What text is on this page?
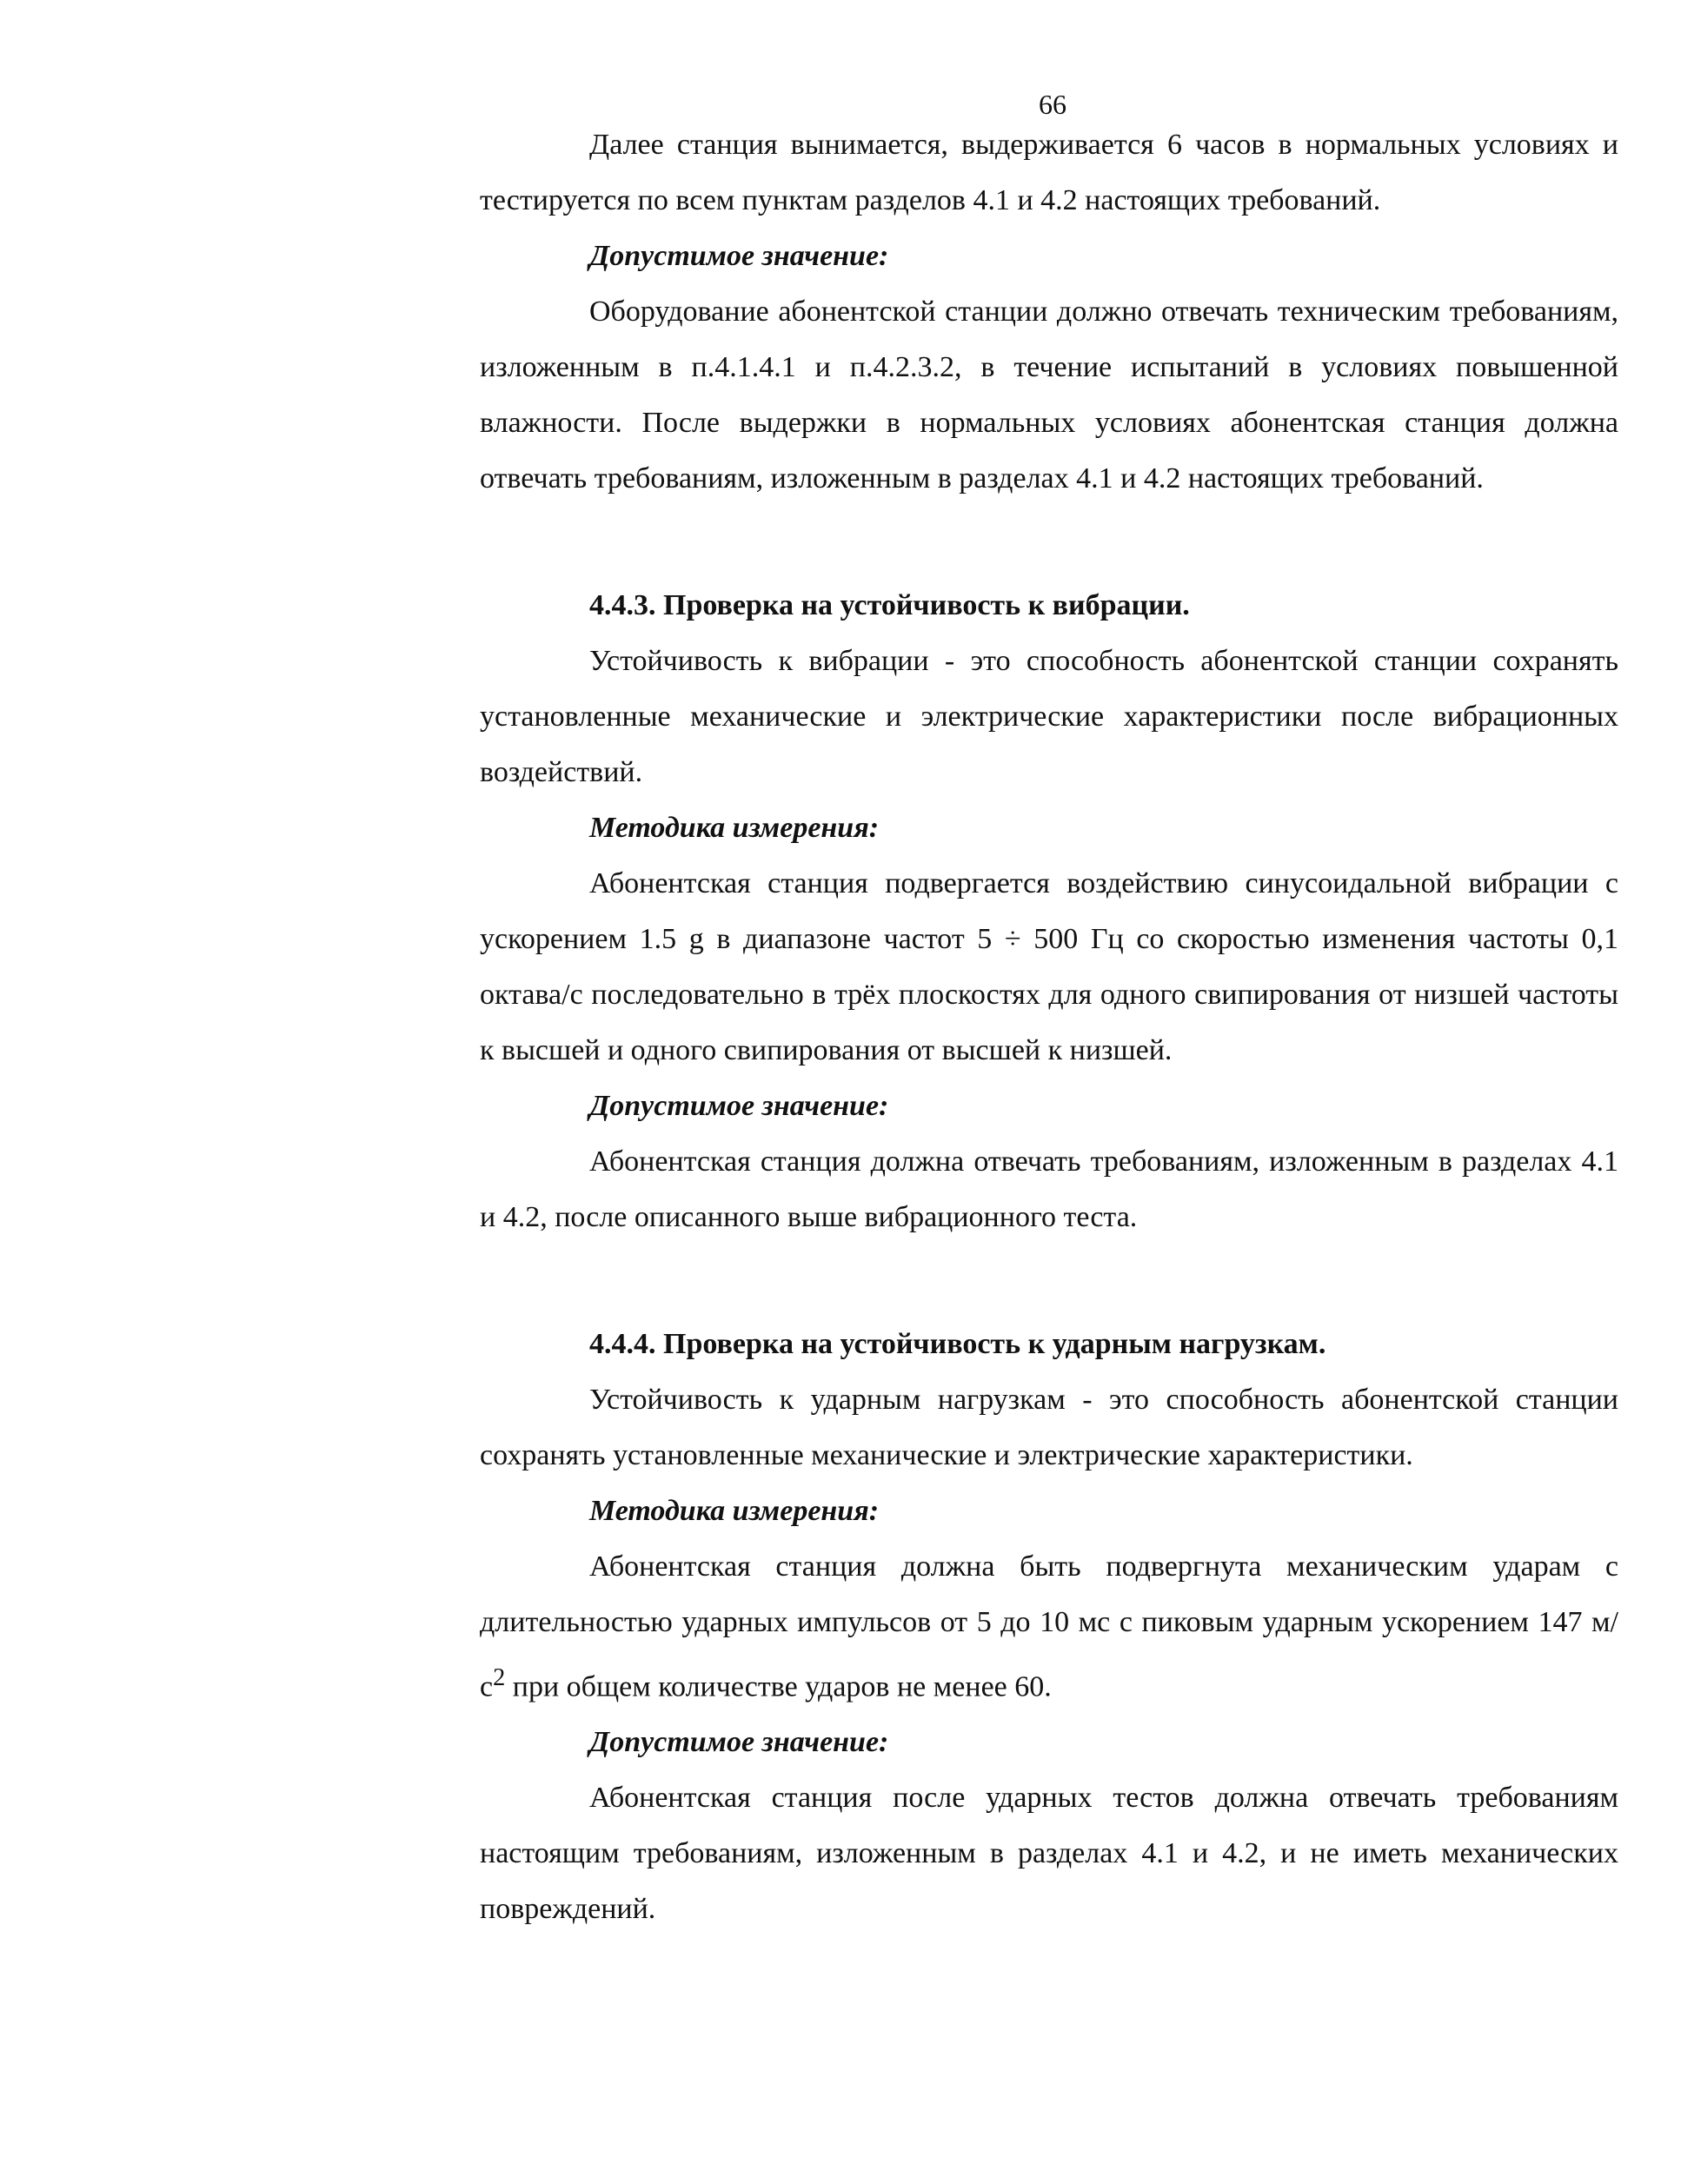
66

Далее станция вынимается, выдерживается 6 часов в нормальных условиях и тестируется по всем пунктам разделов 4.1 и 4.2 настоящих требований.

Допустимое значение:

Оборудование абонентской станции должно отвечать техническим требованиям, изложенным в п.4.1.4.1 и п.4.2.3.2, в течение испытаний в условиях повышенной влажности. После выдержки в нормальных условиях абонентская станция должна отвечать требованиям, изложенным в разделах 4.1 и 4.2 настоящих требований.

4.4.3. Проверка на устойчивость к вибрации.

Устойчивость к вибрации - это способность абонентской станции сохранять установленные механические и электрические характеристики после вибрационных воздействий.

Методика измерения:

Абонентская станция подвергается воздействию синусоидальной вибрации с ускорением 1.5 g в диапазоне частот 5 ÷ 500 Гц со скоростью изменения частоты 0,1 октава/с последовательно в трёх плоскостях для одного свипирования от низшей частоты к высшей и одного свипирования от высшей к низшей.

Допустимое значение:

Абонентская станция должна отвечать требованиям, изложенным в разделах 4.1 и 4.2, после описанного выше вибрационного теста.

4.4.4. Проверка на устойчивость к ударным нагрузкам.

Устойчивость к ударным нагрузкам - это способность абонентской станции сохранять установленные механические и электрические характеристики.

Методика измерения:

Абонентская станция должна быть подвергнута механическим ударам с длительностью ударных импульсов от 5 до 10 мс с пиковым ударным ускорением 147 $м/с^2$ при общем количестве ударов не менее 60.

Допустимое значение:

Абонентская станция после ударных тестов должна отвечать требованиям настоящим требованиям, изложенным в разделах 4.1 и 4.2, и не иметь механических повреждений.
